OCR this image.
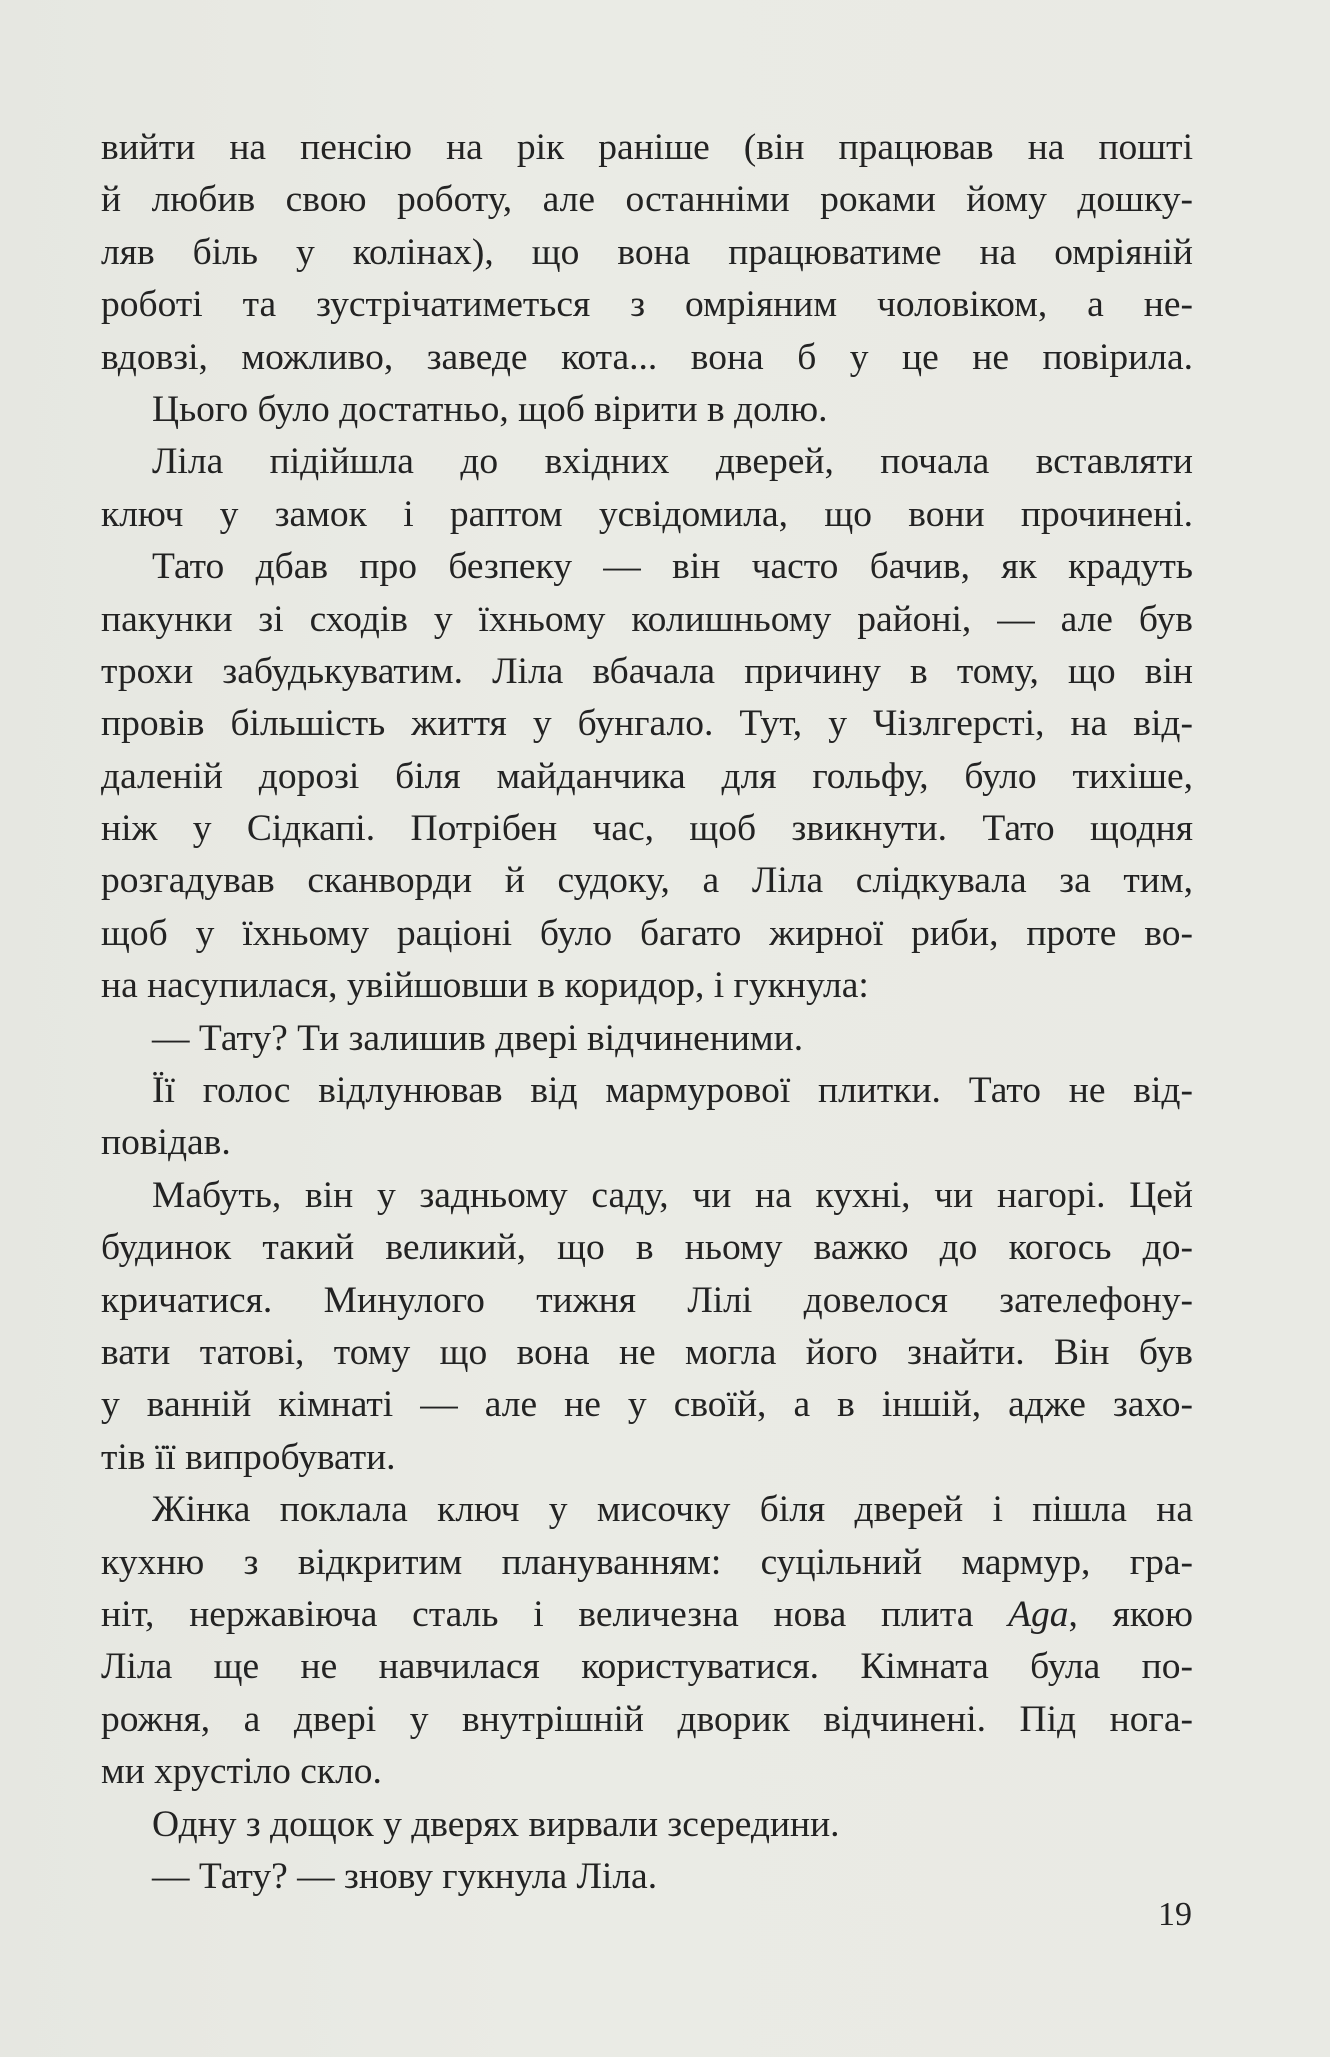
вийти на пенсію на рік раніше (він працював на пошті
й любив свою роботу, але останніми роками йому дошку-
ляв біль у колінах), що вона працюватиме на омріяній
роботі та зустрічатиметься з омріяним чоловіком, а не-
вдовзі, можливо, заведе кота... вона б у це не повірила.
Цього було достатньо, щоб вірити в долю.
Ліла підійшла до вхідних дверей, почала вставляти
ключ у замок і раптом усвідомила, що вони прочинені.
Тато дбав про безпеку — він часто бачив, як крадуть
пакунки зі сходів у їхньому колишньому районі, — але був
трохи забудькуватим. Ліла вбачала причину в тому, що він
провів більшість життя у бунгало. Тут, у Чізлгерсті, на від-
даленій дорозі біля майданчика для гольфу, було тихіше,
ніж у Сідкапі. Потрібен час, щоб звикнути. Тато щодня
розгадував сканворди й судоку, а Ліла слідкувала за тим,
щоб у їхньому раціоні було багато жирної риби, проте во-
на насупилася, увійшовши в коридор, і гукнула:
— Тату? Ти залишив двері відчиненими.
Її голос відлунював від мармурової плитки. Тато не від-
повідав.
Мабуть, він у задньому саду, чи на кухні, чи нагорі. Цей
будинок такий великий, що в ньому важко до когось до-
кричатися. Минулого тижня Лілі довелося зателефону-
вати татові, тому що вона не могла його знайти. Він був
у ванній кімнаті — але не у своїй, а в іншій, адже захо-
тів її випробувати.
Жінка поклала ключ у мисочку біля дверей і пішла на
кухню з відкритим плануванням: суцільний мармур, гра-
ніт, нержавіюча сталь і величезна нова плита Aga, якою
Ліла ще не навчилася користуватися. Кімната була по-
рожня, а двері у внутрішній дворик відчинені. Під нога-
ми хрустіло скло.
Одну з дощок у дверях вирвали зсередини.
— Тату? — знову гукнула Ліла.
19
